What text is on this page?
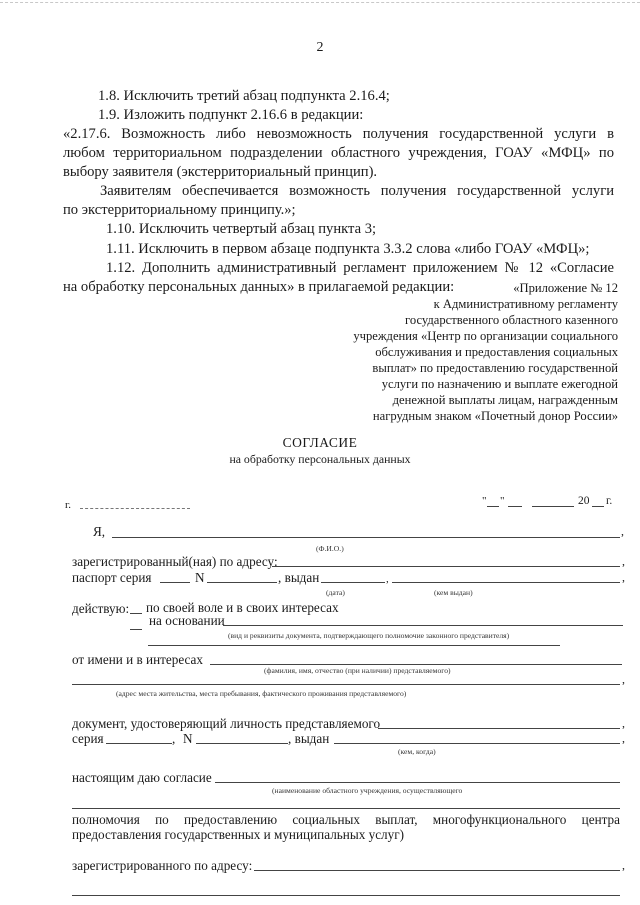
2
1.8. Исключить третий абзац подпункта 2.16.4;
1.9. Изложить подпункт 2.16.6 в редакции:
«2.17.6. Возможность либо невозможность получения государственной услуги в
любом территориальном подразделении областного учреждения, ГОАУ «МФЦ» по
выбору заявителя (экстерриториальный принцип).
Заявителям обеспечивается возможность получения государственной услуги
по экстерриториальному принципу.»;
1.10. Исключить четвертый абзац пункта 3;
1.11. Исключить в первом абзаце подпункта 3.3.2 слова «либо ГОАУ «МФЦ»;
1.12. Дополнить административный регламент приложением № 12 «Согласие
на обработку персональных данных» в прилагаемой редакции:	«Приложение № 12
к Административному регламенту
государственного областного казенного
учреждения «Центр по организации социального
обслуживания и предоставления социальных
выплат» по предоставлению государственной
услуги по назначению и выплате ежегодной
денежной выплаты лицам, награжденным
нагрудным знаком «Почетный донор России»
СОГЛАСИЕ
на обработку персональных данных
г.	" "	20 г.
Я,	,
(Ф.И.О.)
зарегистрированный(ная) по адресу:	,
паспорт серия	N	, выдан	,	,
(дата)	(кем выдан)
действую: по своей воле и в своих интересах
на основании
(вид и реквизиты документа, подтверждающего полномочие законного представителя)
от имени и в интересах
(фамилия, имя, отчество (при наличии) представляемого)
,
(адрес места жительства, места пребывания, фактического проживания представляемого)
документ, удостоверяющий личность представляемого	,
серия	, N	, выдан	,
(кем, когда)
настоящим даю согласие
(наименование областного учреждения, осуществляющего
полномочия по предоставлению социальных выплат, многофункционального центра
предоставления государственных и муниципальных услуг)
зарегистрированного по адресу:	,
